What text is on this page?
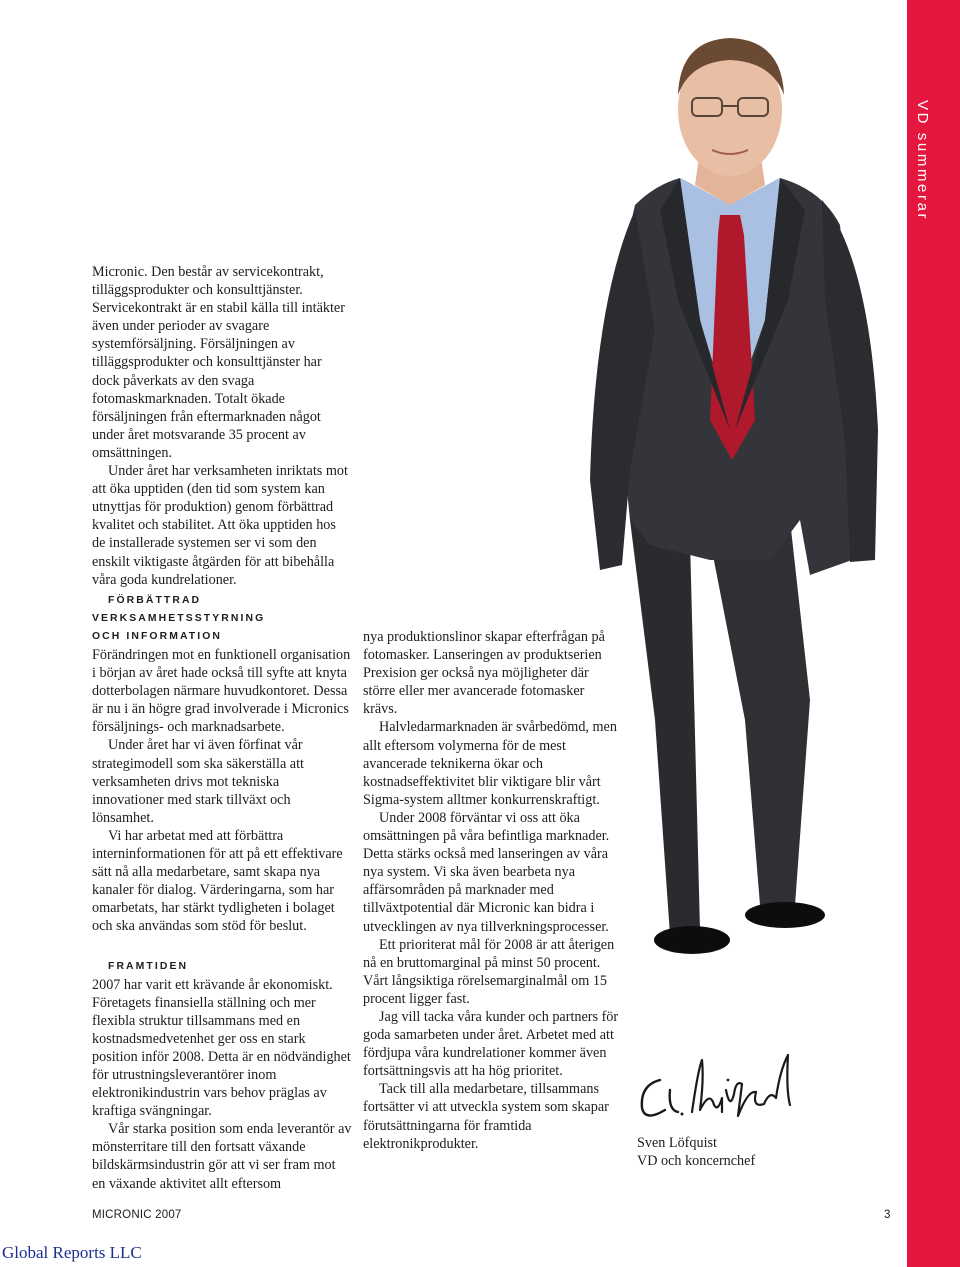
VD summerar

Micronic. Den består av servicekontrakt, tilläggsprodukter och konsulttjänster. Servicekontrakt är en stabil källa till intäkter även under perioder av svagare systemförsäljning. Försäljningen av tilläggsprodukter och konsulttjänster har dock påverkats av den svaga fotomaskmarknaden. Totalt ökade försäljningen från eftermarknaden något under året motsvarande 35 procent av omsättningen.

Under året har verksamheten inriktats mot att öka upptiden (den tid som system kan utnyttjas för produktion) genom förbättrad kvalitet och stabilitet. Att öka upptiden hos de installerade systemen ser vi som den enskilt viktigaste åtgärden för att bibehålla våra goda kundrelationer.

FÖRBÄTTRAD VERKSAMHETSSTYRNING
OCH INFORMATION

Förändringen mot en funktionell organisation i början av året hade också till syfte att knyta dotterbolagen närmare huvudkontoret. Dessa är nu i än högre grad involverade i Micronics försäljnings- och marknadsarbete.

Under året har vi även förfinat vår strategimodell som ska säkerställa att verksamheten drivs mot tekniska innovationer med stark tillväxt och lönsamhet.

Vi har arbetat med att förbättra interninformationen för att på ett effektivare sätt nå alla medarbetare, samt skapa nya kanaler för dialog. Värderingarna, som har omarbetats, har stärkt tydligheten i bolaget och ska användas som stöd för beslut.

FRAMTIDEN

2007 har varit ett krävande år ekonomiskt. Företagets finansiella ställning och mer flexibla struktur tillsammans med en kostnadsmedvetenhet ger oss en stark position inför 2008. Detta är en nödvändighet för utrustningsleverantörer inom elektronikindustrin vars behov präglas av kraftiga svängningar.

Vår starka position som enda leverantör av mönsterritare till den fortsatt växande bildskärmsindustrin gör att vi ser fram mot en växande aktivitet allt eftersom

nya produktionslinor skapar efterfrågan på fotomasker. Lanseringen av produktserien Prexision ger också nya möjligheter där större eller mer avancerade fotomasker krävs.

Halvledarmarknaden är svårbedömd, men allt eftersom volymerna för de mest avancerade teknikerna ökar och kostnadseffektivitet blir viktigare blir vårt Sigma-system alltmer konkurrenskraftigt.

Under 2008 förväntar vi oss att öka omsättningen på våra befintliga marknader. Detta stärks också med lanseringen av våra nya system. Vi ska även bearbeta nya affärsområden på marknader med tillväxtpotential där Micronic kan bidra i utvecklingen av nya tillverkningsprocesser.

Ett prioriterat mål för 2008 är att återigen nå en bruttomarginal på minst 50 procent. Vårt långsiktiga rörelsemarginalmål om 15 procent ligger fast.

Jag vill tacka våra kunder och partners för goda samarbeten under året. Arbetet med att fördjupa våra kundrelationer kommer även fortsättningsvis att ha hög prioritet.

Tack till alla medarbetare, tillsammans fortsätter vi att utveckla system som skapar förutsättningarna för framtida elektronikprodukter.	Sven Löfquist
VD och koncernchef
MICRONIC 2007	3
Global Reports LLC
